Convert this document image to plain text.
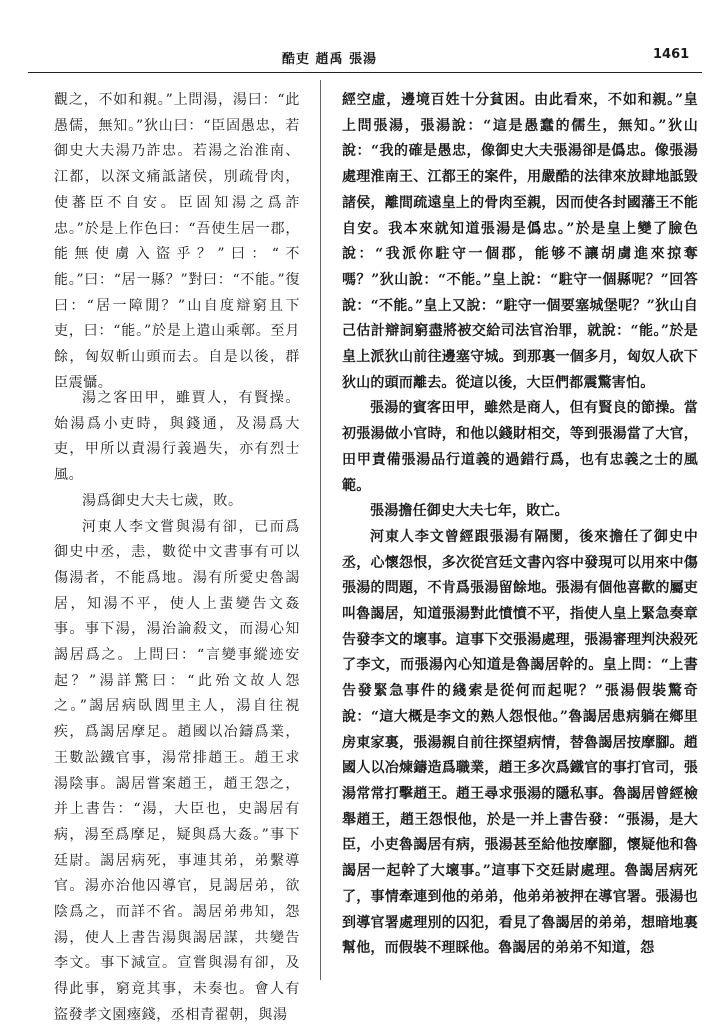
酷吏 趙禹 張湯	1461

觀之，不如和親。”上問湯，湯曰：“此愚儒，無知。”狄山曰：“臣固愚忠，若御史大夫湯乃詐忠。若湯之治淮南、江都，以深文痛詆諸侯，別疏骨肉，使蕃臣不自安。臣固知湯之爲詐忠。”於是上作色曰：“吾使生居一郡，能無使虜入盜乎？”曰：“不能。”曰：“居一縣？”對曰：“不能。”復曰：“居一障閒？”山自度辯窮且下吏，曰：“能。”於是上遣山乘鄣。至月餘，匈奴斬山頭而去。自是以後，群臣震懾。

湯之客田甲，雖賈人，有賢操。始湯爲小吏時，與錢通，及湯爲大吏，甲所以責湯行義過失，亦有烈士風。

湯爲御史大夫七歲，敗。

河東人李文嘗與湯有卻，已而爲御史中丞，恚，數從中文書事有可以傷湯者，不能爲地。湯有所愛史魯謁居，知湯不平，使人上蜚變告文姦事。事下湯，湯治論殺文，而湯心知謁居爲之。上問曰：“言變事縱迹安起？”湯詳驚曰：“此殆文故人怨之。”謁居病臥閭里主人，湯自往視疾，爲謁居摩足。趙國以冶鑄爲業，王數訟鐵官事，湯常排趙王。趙王求湯陰事。謁居嘗案趙王，趙王怨之，并上書告：“湯，大臣也，史謁居有病，湯至爲摩足，疑與爲大姦。”事下廷尉。謁居病死，事連其弟，弟繫導官。湯亦治他囚導官，見謁居弟，欲陰爲之，而詳不省。謁居弟弗知，怨湯，使人上書告湯與謁居謀，共變告李文。事下減宣。宣嘗與湯有卻，及得此事，窮竟其事，未奏也。會人有盜發孝文園瘞錢，丞相青翟朝，與湯

經空虛，邊境百姓十分貧困。由此看來，不如和親。”皇上問張湯，張湯說：“這是愚蠢的儒生，無知。”狄山說：“我的確是愚忠，像御史大夫張湯卻是僞忠。像張湯處理淮南王、江都王的案件，用嚴酷的法律來放肆地詆毀諸侯，離間疏遠皇上的骨肉至親，因而使各封國藩王不能自安。我本來就知道張湯是僞忠。”於是皇上變了臉色說：“我派你駐守一個郡，能够不讓胡虜進來掠奪嗎？”狄山說：“不能。”皇上說：“駐守一個縣呢？”回答說：“不能。”皇上又說：“駐守一個要塞城堡呢？”狄山自己估計辯詞窮盡將被交給司法官治罪，就說：“能。”於是皇上派狄山前往邊塞守城。到那裏一個多月，匈奴人砍下狄山的頭而離去。從這以後，大臣們都震驚害怕。

張湯的賓客田甲，雖然是商人，但有賢良的節操。當初張湯做小官時，和他以錢財相交，等到張湯當了大官，田甲責備張湯品行道義的過錯行爲，也有忠義之士的風範。

張湯擔任御史大夫七年，敗亡。

河東人李文曾經跟張湯有隔閡，後來擔任了御史中丞，心懷怨恨，多次從宫廷文書內容中發現可以用來中傷張湯的問題，不肯爲張湯留餘地。張湯有個他喜歡的屬吏叫魯謁居，知道張湯對此憤憤不平，指使人皇上緊急奏章告發李文的壞事。這事下交張湯處理，張湯審理判決殺死了李文，而張湯內心知道是魯謁居幹的。皇上問：“上書告發緊急事件的綫索是從何而起呢？”張湯假裝驚奇說：“這大概是李文的熟人怨恨他。”魯謁居患病躺在鄉里房東家裏，張湯親自前往探望病情，替魯謁居按摩腳。趙國人以冶煉鑄造爲職業，趙王多次爲鐵官的事打官司，張湯常常打擊趙王。趙王尋求張湯的隱私事。魯謁居曾經檢舉趙王，趙王怨恨他，於是一并上書告發：“張湯，是大臣，小吏魯謁居有病，張湯甚至給他按摩腳，懷疑他和魯謁居一起幹了大壞事。”這事下交廷尉處理。魯謁居病死了，事情牽連到他的弟弟，他弟弟被押在導官署。張湯也到導官署處理別的囚犯，看見了魯謁居的弟弟，想暗地裏幫他，而假裝不理睬他。魯謁居的弟弟不知道，怨
